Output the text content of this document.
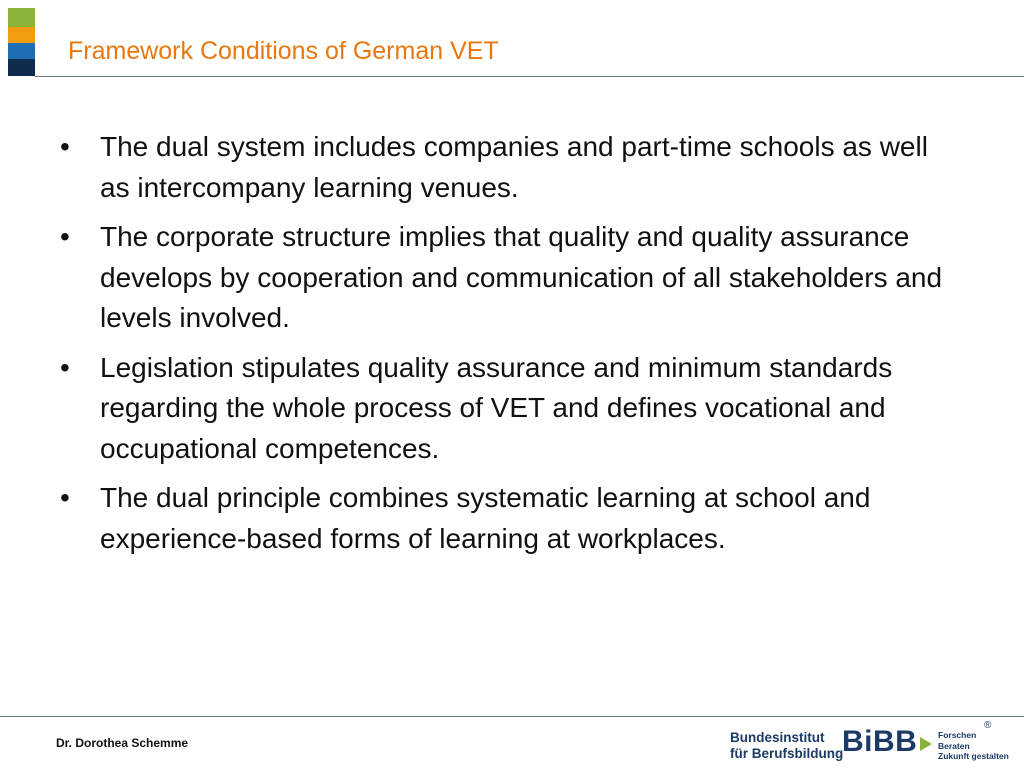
Framework Conditions of German VET
•	The dual system includes companies and part-time schools as well as intercompany learning venues.
•	The corporate structure implies that quality and quality assurance develops by cooperation and communication of all stakeholders and levels involved.
•	Legislation stipulates quality assurance and minimum standards regarding the whole process of VET and defines vocational and occupational competences.
•	The dual principle combines systematic learning at school and experience-based forms of learning at workplaces.
Dr. Dorothea Schemme	Bundesinstitut
für Berufsbildung
BiBB Forschen
Beraten
Zukunft gestalten
®
